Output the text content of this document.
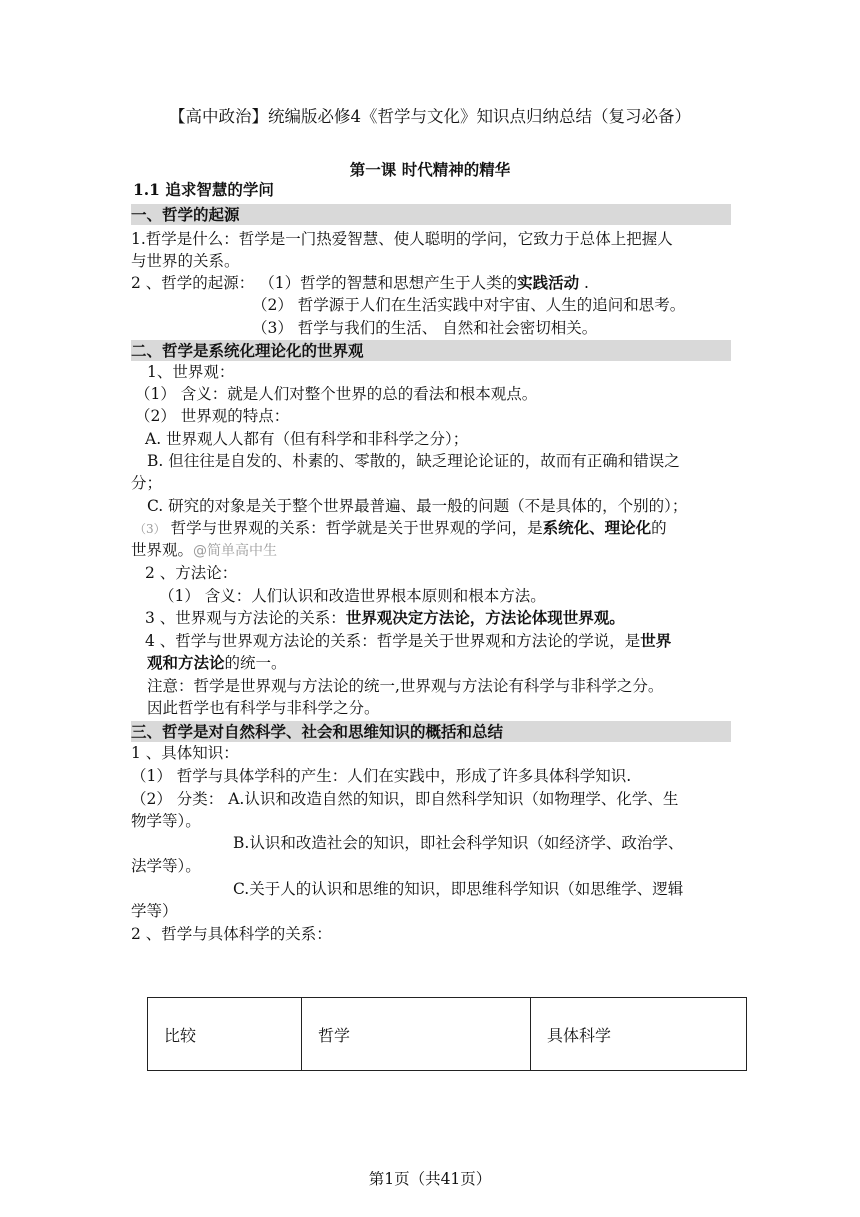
【高中政治】统编版必修4《哲学与文化》知识点归纳总结（复习必备）
第一课 时代精神的精华
1.1 追求智慧的学问
一、哲学的起源
1.哲学是什么：哲学是一门热爱智慧、使人聪明的学问，它致力于总体上把握人
与世界的关系。
2 、哲学的起源： （1）哲学的智慧和思想产生于人类的实践活动 .
（2） 哲学源于人们在生活实践中对宇宙、人生的追问和思考。
（3） 哲学与我们的生活、 自然和社会密切相关。
二、哲学是系统化理论化的世界观
1、世界观：
（1） 含义：就是人们对整个世界的总的看法和根本观点。
（2） 世界观的特点：
A. 世界观人人都有（但有科学和非科学之分）；
B. 但往往是自发的、朴素的、零散的，缺乏理论论证的，故而有正确和错误之
分；
C. 研究的对象是关于整个世界最普遍、最一般的问题（不是具体的，个别的）；
（3） 哲学与世界观的关系：哲学就是关于世界观的学问，是系统化、理论化的
世界观。@简单高中生
2 、方法论：
（1） 含义：人们认识和改造世界根本原则和根本方法。
3 、世界观与方法论的关系：世界观决定方法论，方法论体现世界观。
4 、哲学与世界观方法论的关系：哲学是关于世界观和方法论的学说，是世界
观和方法论的统一。
注意：哲学是世界观与方法论的统一,世界观与方法论有科学与非科学之分。
因此哲学也有科学与非科学之分。
三、哲学是对自然科学、社会和思维知识的概括和总结
1 、具体知识：
（1） 哲学与具体学科的产生：人们在实践中，形成了许多具体科学知识.
（2） 分类： A.认识和改造自然的知识，即自然科学知识（如物理学、化学、生
物学等）。
B.认识和改造社会的知识，即社会科学知识（如经济学、政治学、
法学等）。
C.关于人的认识和思维的知识，即思维科学知识（如思维学、逻辑
学等）
2 、哲学与具体科学的关系：
比较	哲学	具体科学
第1页（共41页）
